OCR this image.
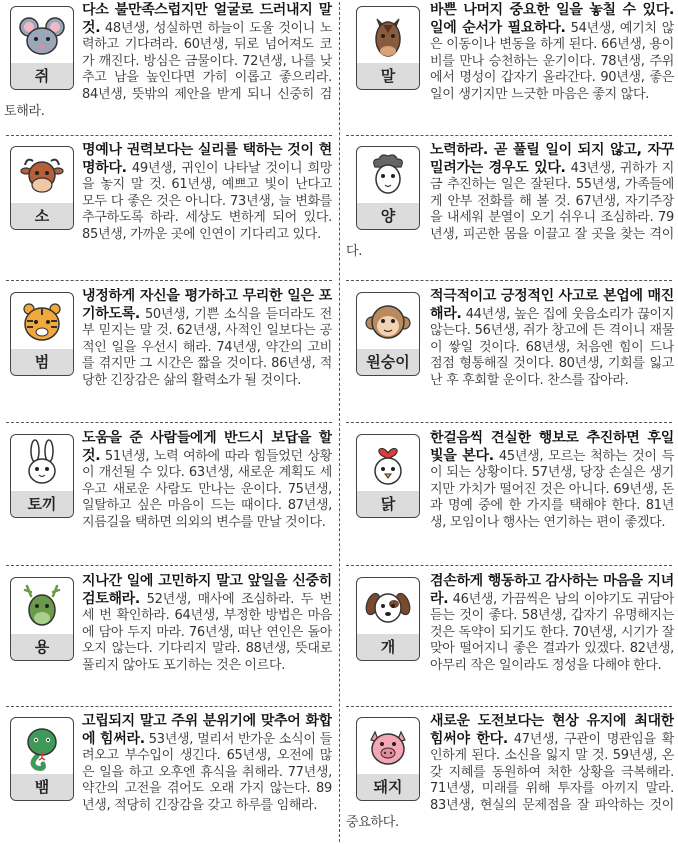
쥐
다소 불만족스럽지만 얼굴로 드러내지 말 것. 48년생, 성실하면 하늘이 도울 것이니 노력하고 기다려라. 60년생, 뒤로 넘어져도 코가 깨진다. 방심은 금물이다. 72년생, 나를 낮추고 남을 높인다면 가히 이롭고 좋으리라. 84년생, 뜻밖의 제안을 받게 되니 신중히 검토해라.
말
바쁜 나머지 중요한 일을 놓칠 수 있다. 일에 순서가 필요하다. 54년생, 예기치 않은 이동이나 변동을 하게 된다. 66년생, 용이 비를 만나 승천하는 운기이다. 78년생, 주위에서 명성이 갑자기 올라간다. 90년생, 좋은 일이 생기지만 느긋한 마음은 좋지 않다.
소
명예나 권력보다는 실리를 택하는 것이 현명하다. 49년생, 귀인이 나타날 것이니 희망을 놓지 말 것. 61년생, 예쁘고 빛이 난다고 모두 다 좋은 것은 아니다. 73년생, 늘 변화를 추구하도록 하라. 세상도 변하게 되어 있다. 85년생, 가까운 곳에 인연이 기다리고 있다.
양
노력하라. 곧 풀릴 일이 되지 않고, 자꾸 밀려가는 경우도 있다. 43년생, 귀하가 지금 추진하는 일은 잘된다. 55년생, 가족들에게 안부 전화를 해 볼 것. 67년생, 자기주장을 내세워 분열이 오기 쉬우니 조심하라. 79년생, 피곤한 몸을 이끌고 잘 곳을 찾는 격이다.
범
냉정하게 자신을 평가하고 무리한 일은 포기하도록. 50년생, 기쁜 소식을 듣더라도 전부 믿지는 말 것. 62년생, 사적인 일보다는 공적인 일을 우선시 해라. 74년생, 약간의 고비를 겪지만 그 시간은 짧을 것이다. 86년생, 적당한 긴장감은 삶의 활력소가 될 것이다.
원숭이
적극적이고 긍정적인 사고로 본업에 매진해라. 44년생, 높은 집에 웃음소리가 끊이지 않는다. 56년생, 쥐가 창고에 든 격이니 재물이 쌓일 것이다. 68년생, 처음엔 힘이 드나 점점 형통해질 것이다. 80년생, 기회를 잃고 난 후 후회할 운이다. 찬스를 잡아라.
토끼
도움을 준 사람들에게 반드시 보답을 할 것. 51년생, 노력 여하에 따라 힘들었던 상황이 개선될 수 있다. 63년생, 새로운 계획도 세우고 새로운 사람도 만나는 운이다. 75년생, 일탈하고 싶은 마음이 드는 때이다. 87년생, 지름길을 택하면 의외의 변수를 만날 것이다.
닭
한걸음씩 견실한 행보로 추진하면 후일 빛을 본다. 45년생, 모르는 척하는 것이 득이 되는 상황이다. 57년생, 당장 손실은 생기지만 가치가 떨어진 것은 아니다. 69년생, 돈과 명예 중에 한 가지를 택해야 한다. 81년생, 모임이나 행사는 연기하는 편이 좋겠다.
용
지나간 일에 고민하지 말고 앞일을 신중히 검토해라. 52년생, 매사에 조심하라. 두 번 세 번 확인하라. 64년생, 부정한 방법은 마음에 담아 두지 마라. 76년생, 떠난 연인은 돌아오지 않는다. 기다리지 말라. 88년생, 뜻대로 풀리지 않아도 포기하는 것은 이르다.
개
겸손하게 행동하고 감사하는 마음을 지녀라. 46년생, 가끔씩은 남의 이야기도 귀담아 듣는 것이 좋다. 58년생, 갑자기 유명해지는 것은 독약이 되기도 한다. 70년생, 시기가 잘 맞아 떨어지니 좋은 결과가 있겠다. 82년생, 아무리 작은 일이라도 정성을 다해야 한다.
뱀
고립되지 말고 주위 분위기에 맞추어 화합에 힘써라. 53년생, 멀리서 반가운 소식이 들려오고 부수입이 생긴다. 65년생, 오전에 많은 일을 하고 오후엔 휴식을 취해라. 77년생, 약간의 고전을 겪어도 오래 가지 않는다. 89년생, 적당히 긴장감을 갖고 하루를 임해라.
돼지
새로운 도전보다는 현상 유지에 최대한 힘써야 한다. 47년생, 구관이 명관임을 확인하게 된다. 소신을 잃지 말 것. 59년생, 온갖 지혜를 동원하여 처한 상황을 극복해라. 71년생, 미래를 위해 투자를 아끼지 말라. 83년생, 현실의 문제점을 잘 파악하는 것이 중요하다.
